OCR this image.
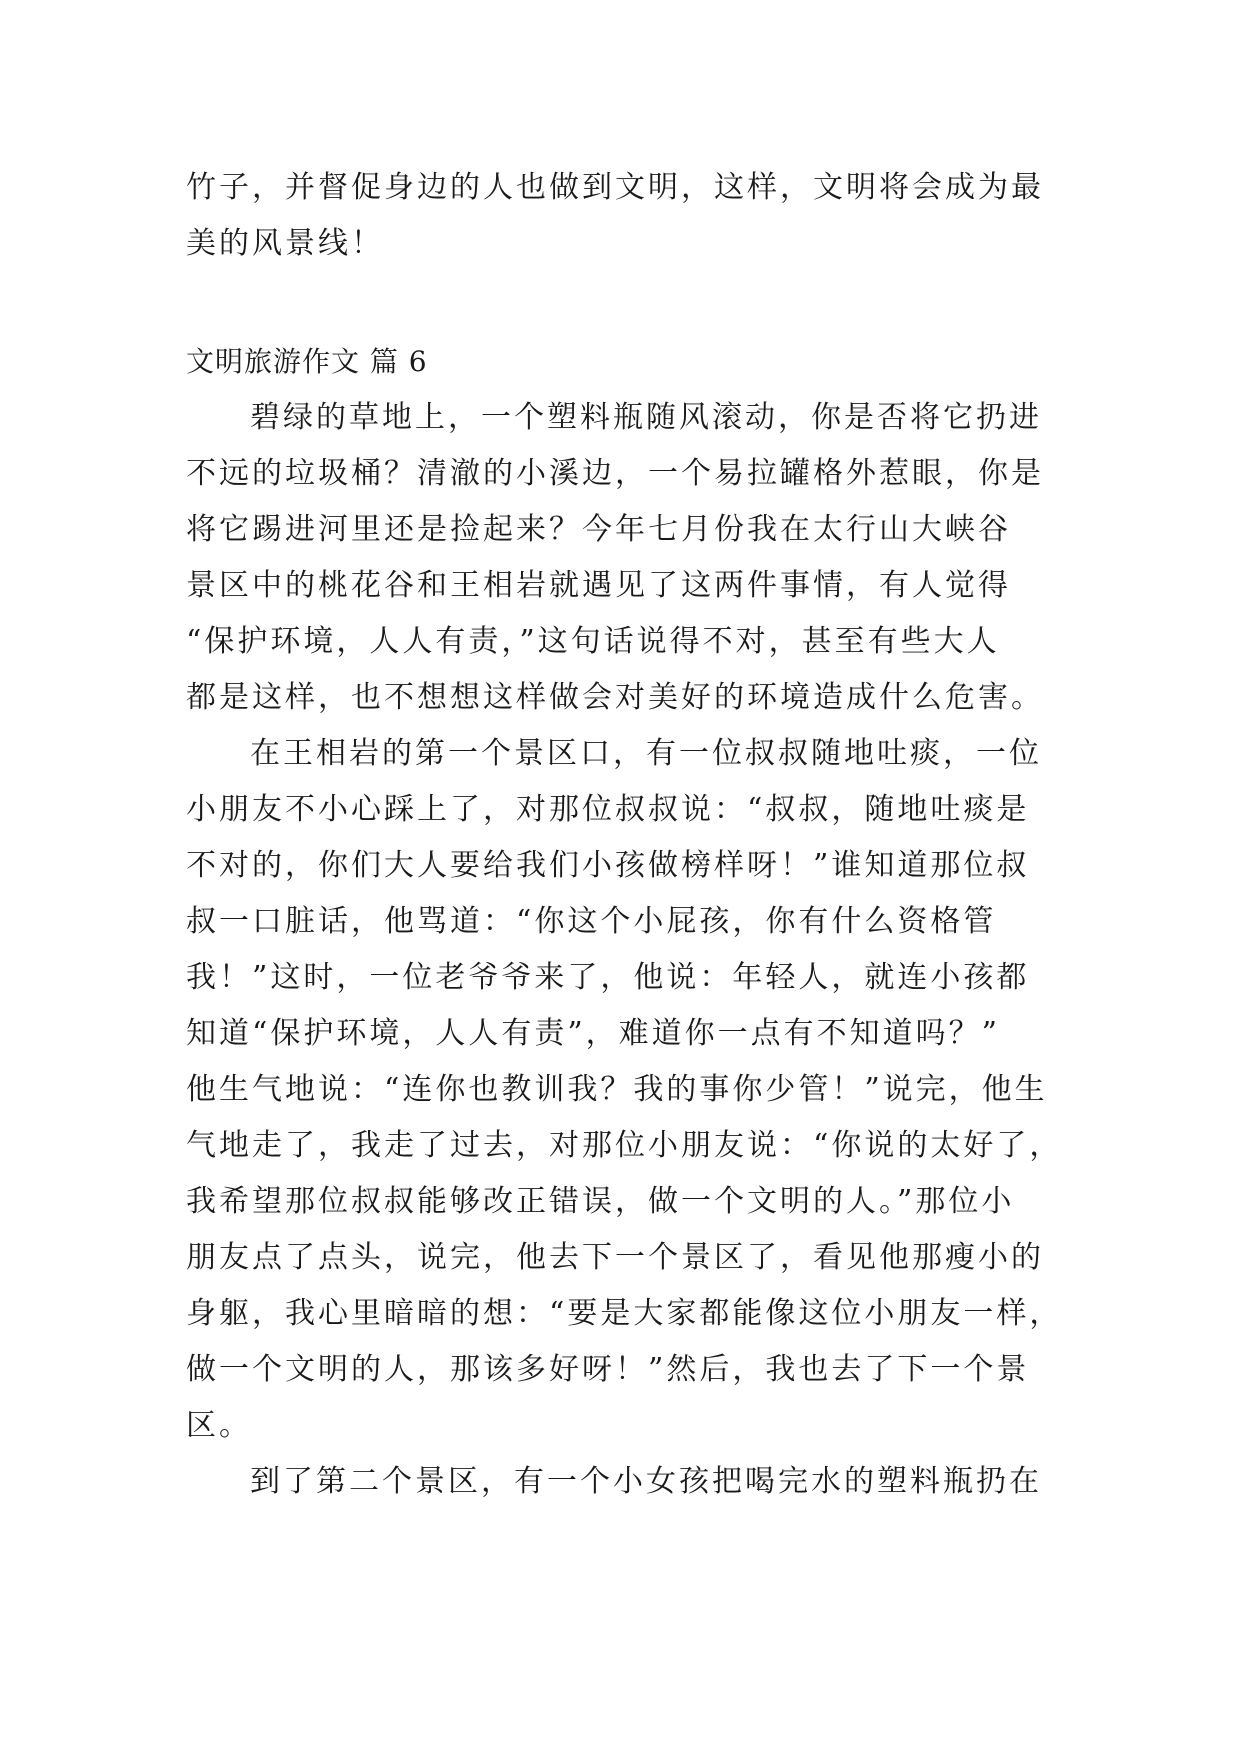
竹子，并督促身边的人也做到文明，这样，文明将会成为最
美的风景线！
文明旅游作文 篇 6
碧绿的草地上，一个塑料瓶随风滚动，你是否将它扔进
不远的垃圾桶？清澈的小溪边，一个易拉罐格外惹眼，你是
将它踢进河里还是捡起来？今年七月份我在太行山大峡谷
景区中的桃花谷和王相岩就遇见了这两件事情，有人觉得
“保护环境，人人有责，”这句话说得不对，甚至有些大人
都是这样，也不想想这样做会对美好的环境造成什么危害。
在王相岩的第一个景区口，有一位叔叔随地吐痰，一位
小朋友不小心踩上了，对那位叔叔说：“叔叔，随地吐痰是
不对的，你们大人要给我们小孩做榜样呀！”谁知道那位叔
叔一口脏话，他骂道：“你这个小屁孩，你有什么资格管
我！”这时，一位老爷爷来了，他说：年轻人，就连小孩都
知道“保护环境，人人有责”，难道你一点有不知道吗？”
他生气地说：“连你也教训我？我的事你少管！”说完，他生
气地走了，我走了过去，对那位小朋友说：“你说的太好了，
我希望那位叔叔能够改正错误，做一个文明的人。”那位小
朋友点了点头，说完，他去下一个景区了，看见他那瘦小的
身躯，我心里暗暗的想：“要是大家都能像这位小朋友一样，
做一个文明的人，那该多好呀！”然后，我也去了下一个景
区。
到了第二个景区，有一个小女孩把喝完水的塑料瓶扔在
